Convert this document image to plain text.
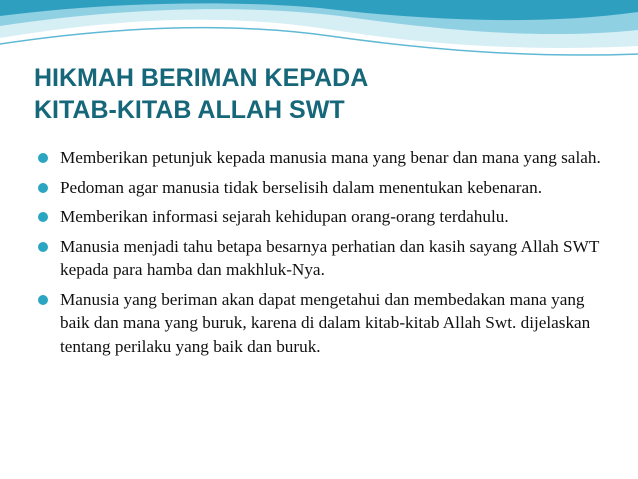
HIKMAH BERIMAN KEPADA
KITAB-KITAB ALLAH SWT
Memberikan petunjuk kepada manusia mana yang benar dan mana yang salah.
Pedoman agar manusia tidak berselisih dalam menentukan kebenaran.
Memberikan informasi sejarah kehidupan orang-orang terdahulu.
Manusia menjadi tahu betapa besarnya perhatian dan kasih sayang Allah SWT kepada para hamba dan makhluk-Nya.
Manusia yang beriman akan dapat mengetahui dan membedakan mana yang baik dan mana yang buruk, karena di dalam kitab-kitab Allah Swt. dijelaskan tentang perilaku yang baik dan buruk.
